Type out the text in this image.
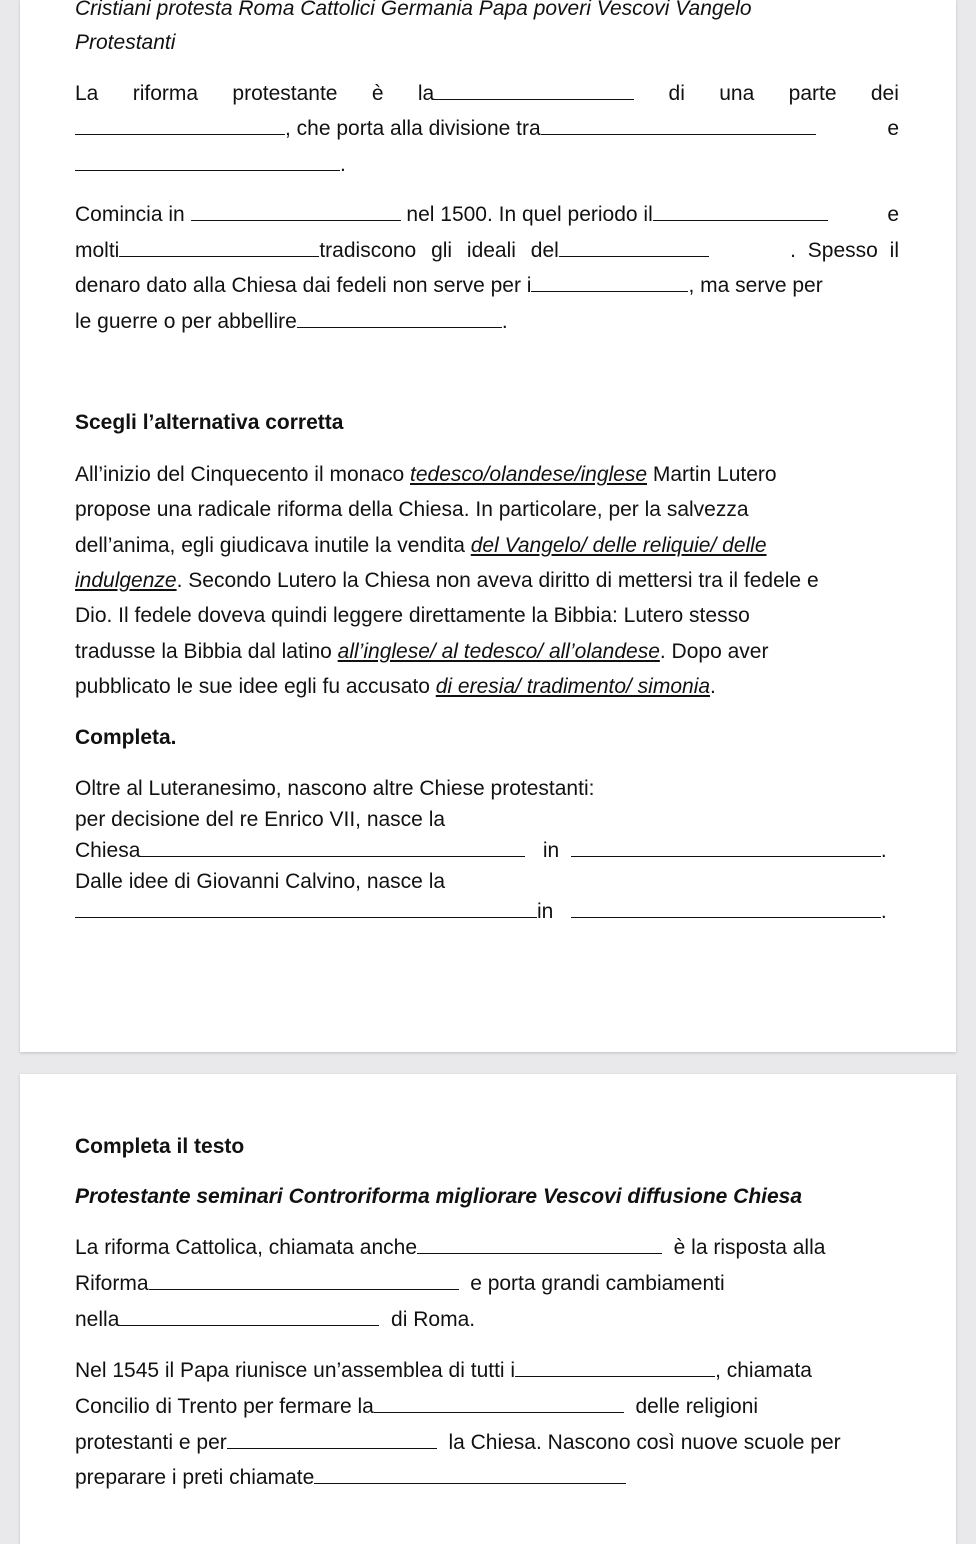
Cristiani protesta Roma Cattolici Germania Papa poveri Vescovi Vangelo
Protestanti
La riforma protestante è la	di una parte dei
, che porta alla divisione tra	e
.
Comincia in	nel 1500. In quel periodo il	e
molti	tradiscono gli ideali del	. Spesso il
denaro dato alla Chiesa dai fedeli non serve per i	, ma serve per
le guerre o per abbellire	.
Scegli l’alternativa corretta
All’inizio del Cinquecento il monaco tedesco/olandese/inglese Martin Lutero
propose una radicale riforma della Chiesa. In particolare, per la salvezza
dell’anima, egli giudicava inutile la vendita del Vangelo/ delle reliquie/ delle
indulgenze. Secondo Lutero la Chiesa non aveva diritto di mettersi tra il fedele e
Dio. Il fedele doveva quindi leggere direttamente la Bibbia: Lutero stesso
tradusse la Bibbia dal latino all’inglese/ al tedesco/ all’olandese. Dopo aver
pubblicato le sue idee egli fu accusato di eresia/ tradimento/ simonia.
Completa.
Oltre al Luteranesimo, nascono altre Chiese protestanti:
per decisione del re Enrico VII, nasce la
Chiesa	in	.
Dalle idee di Giovanni Calvino, nasce la
in	.
Completa il testo
Protestante seminari Controriforma migliorare Vescovi diffusione Chiesa
La riforma Cattolica, chiamata anche	è la risposta alla
Riforma	e porta grandi cambiamenti
nella	di Roma.
Nel 1545 il Papa riunisce un’assemblea di tutti i	, chiamata
Concilio di Trento per fermare la	delle religioni
protestanti e per	la Chiesa. Nascono così nuove scuole per
preparare i preti chiamate
